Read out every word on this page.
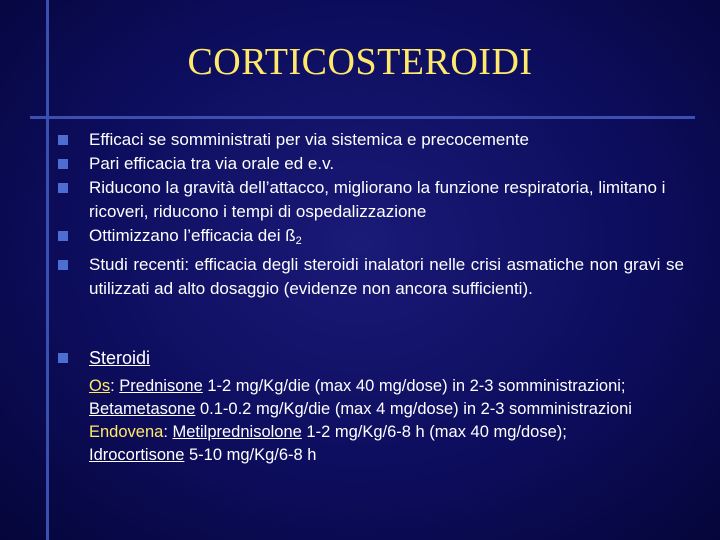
CORTICOSTEROIDI
Efficaci se somministrati per via sistemica e precocemente
Pari efficacia tra via orale ed e.v.
Riducono la gravità dell’attacco, migliorano la funzione respiratoria, limitano i ricoveri, riducono i tempi di ospedalizzazione
Ottimizzano l’efficacia dei $ß_2$
Studi recenti: efficacia degli steroidi inalatori nelle crisi asmatiche non gravi se utilizzati ad alto dosaggio (evidenze non ancora sufficienti).
Steroidi
Os: Prednisone 1-2 mg/Kg/die (max 40 mg/dose) in 2-3 somministrazioni;
Betametasone 0.1-0.2 mg/Kg/die (max 4 mg/dose) in 2-3 somministrazioni
Endovena: Metilprednisolone 1-2 mg/Kg/6-8 h (max 40 mg/dose);
Idrocortisone 5-10 mg/Kg/6-8 h
